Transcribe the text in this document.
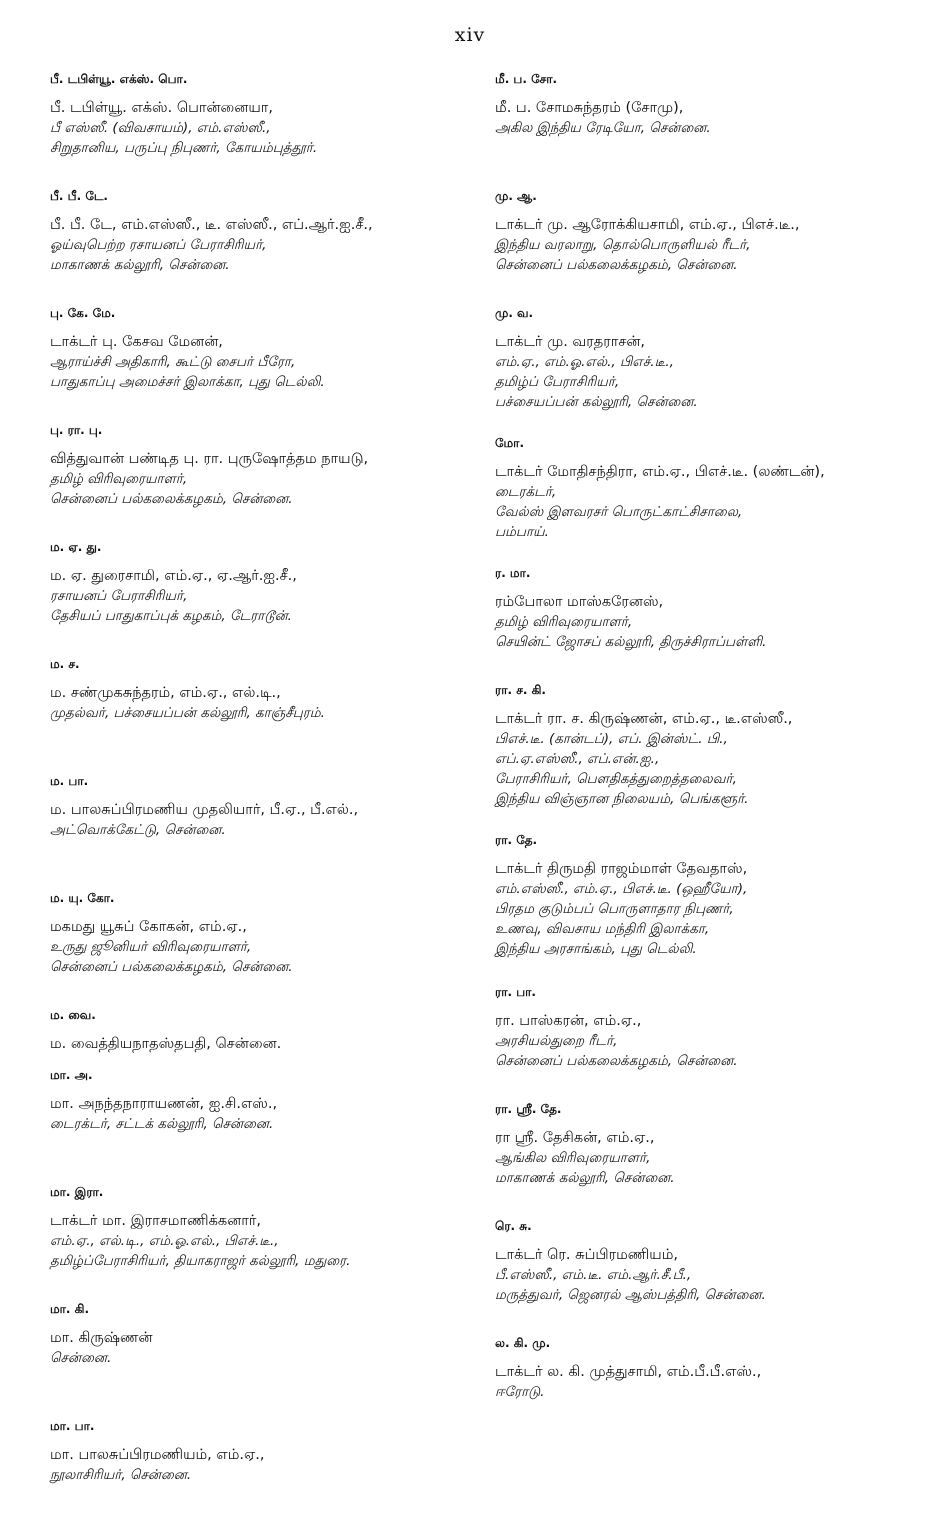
xiv
பீ. டபிள்யூ. எக்ஸ். பொ.
பீ. டபிள்யூ. எக்ஸ். பொன்னையா,
பீ எஸ்ஸீ. (விவசாயம்), எம்.எஸ்ஸீ.,
சிறுதானிய, பருப்பு நிபுணர், கோயம்புத்தூர்.
பீ. பீ. டே.
பீ. பீ. டே, எம்.எஸ்ஸீ., டீ. எஸ்ஸீ., எப்.ஆர்.ஐ.சீ.,
ஓய்வுபெற்ற ரசாயனப் பேராசிரியர்,
மாகாணக் கல்லூரி, சென்னை.
பு. கே. மே.
டாக்டர் பு. கேசவ மேனன்,
ஆராய்ச்சி அதிகாரி, கூட்டு சைபர் பீரோ,
பாதுகாப்பு அமைச்சர் இலாக்கா, புது டெல்லி.
பு. ரா. பு.
வித்துவான் பண்டித பு. ரா. புருஷோத்தம நாயடு,
தமிழ் விரிவுரையாளர்,
சென்னைப் பல்கலைக்கழகம், சென்னை.
ம. ஏ. து.
ம. ஏ. துரைசாமி, எம்.ஏ., ஏ.ஆர்.ஐ.சீ.,
ரசாயனப் பேராசிரியர்,
தேசியப் பாதுகாப்புக் கழகம், டேராடூன்.
ம. ச.
ம. சண்முகசுந்தரம், எம்.ஏ., எல்.டி.,
முதல்வர், பச்சையப்பன் கல்லூரி, காஞ்சீபுரம்.
ம. பா.
ம. பாலசுப்பிரமணிய முதலியார், பீ.ஏ., பீ.எல்.,
அட்வொக்கேட்டு, சென்னை.
ம. யு. கோ.
மகமது யூசுப் கோகன், எம்.ஏ.,
உருது ஜூனியர் விரிவுரையாளர்,
சென்னைப் பல்கலைக்கழகம், சென்னை.
ம. வை.
ம. வைத்தியநாதஸ்தபதி, சென்னை.
மா. அ.
மா. அநந்தநாராயணன், ஐ.சி.எஸ்.,
டைரக்டர், சட்டக் கல்லூரி, சென்னை.
மா. இரா.
டாக்டர் மா. இராசமாணிக்கனார்,
எம்.ஏ., எல்.டி., எம்.ஓ.எல்., பிஎச்.டீ.,
தமிழ்ப்பேராசிரியர், தியாகராஜர் கல்லூரி, மதுரை.
மா. கி.
மா. கிருஷ்ணன்
சென்னை.
மா. பா.
மா. பாலசுப்பிரமணியம், எம்.ஏ.,
நூலாசிரியர், சென்னை.
மீ. ப. சோ.
மீ. ப. சோமசுந்தரம் (சோமு),
அகில இந்திய ரேடியோ, சென்னை.
மு. ஆ.
டாக்டர் மு. ஆரோக்கியசாமி, எம்.ஏ., பிஎச்.டீ.,
இந்திய வரலாறு, தொல்பொருளியல் ரீடர்,
சென்னைப் பல்கலைக்கழகம், சென்னை.
மு. வ.
டாக்டர் மு. வரதராசன்,
எம்.ஏ., எம்.ஓ.எல்., பிஎச்.டீ.,
தமிழ்ப் பேராசிரியர்,
பச்சையப்பன் கல்லூரி, சென்னை.
மோ.
டாக்டர் மோதிசந்திரா, எம்.ஏ., பிஎச்.டீ. (லண்டன்),
டைரக்டர்,
வேல்ஸ் இளவரசர் பொருட்காட்சிசாலை,
பம்பாய்.
ர. மா.
ரம்போலா மாஸ்கரேனஸ்,
தமிழ் விரிவுரையாளர்,
செயின்ட் ஜோசப் கல்லூரி, திருச்சிராப்பள்ளி.
ரா. ச. கி.
டாக்டர் ரா. ச. கிருஷ்ணன், எம்.ஏ., டீ.எஸ்ஸீ.,
பிஎச்.டீ. (கான்டப்), எப். இன்ஸ்ட். பி.,
எப்.ஏ.எஸ்ஸீ., எப்.என்.ஐ.,
பேராசிரியர், பௌதிகத்துறைத்தலைவர்,
இந்திய விஞ்ஞான நிலையம், பெங்களூர்.
ரா. தே.
டாக்டர் திருமதி ராஜம்மாள் தேவதாஸ்,
எம்.எஸ்ஸீ., எம்.ஏ., பிஎச்.டீ. (ஒஹீயோ),
பிரதம குடும்பப் பொருளாதார நிபுணர்,
உணவு, விவசாய மந்திரி இலாக்கா,
இந்திய அரசாங்கம், புது டெல்லி.
ரா. பா.
ரா. பாஸ்கரன், எம்.ஏ.,
அரசியல்துறை ரீடர்,
சென்னைப் பல்கலைக்கழகம், சென்னை.
ரா. ஸ்ரீ. தே.
ரா ஸ்ரீ. தேசிகன், எம்.ஏ.,
ஆங்கில விரிவுரையாளர்,
மாகாணக் கல்லூரி, சென்னை.
ரெ. சு.
டாக்டர் ரெ. சுப்பிரமணியம்,
பீ.எஸ்ஸீ., எம்.டீ. எம்.ஆர்.சீ.பீ.,
மருத்துவர், ஜெனரல் ஆஸ்பத்திரி, சென்னை.
ல. கி. மு.
டாக்டர் ல. கி. முத்துசாமி, எம்.பீ.பீ.எஸ்.,
ஈரோடு.
